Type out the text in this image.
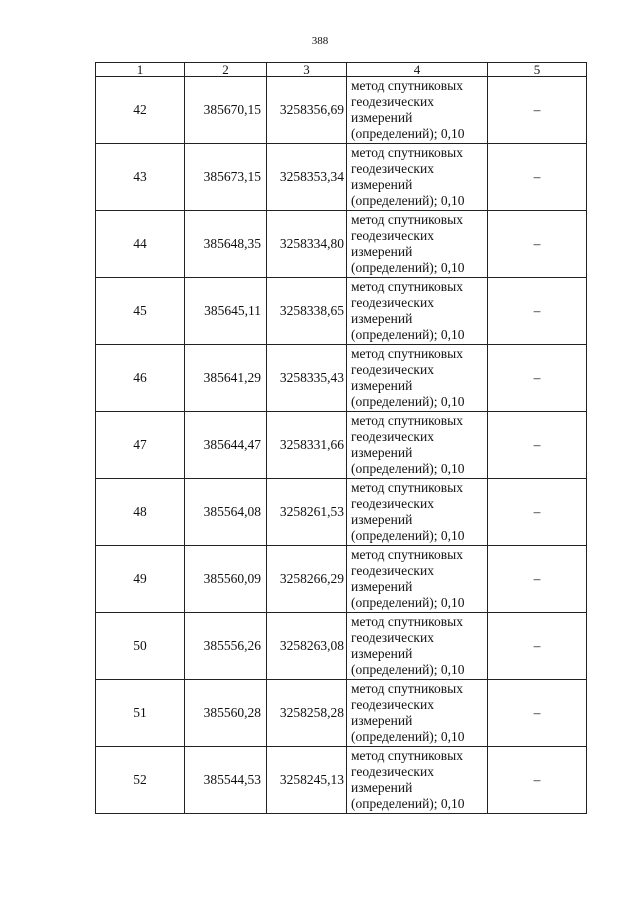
388
1	2	3	4	5
42	385670,15	3258356,69	метод спутниковых
геодезических
измерений
(определений); 0,10	–
43	385673,15	3258353,34	метод спутниковых
геодезических
измерений
(определений); 0,10	–
44	385648,35	3258334,80	метод спутниковых
геодезических
измерений
(определений); 0,10	–
45	385645,11	3258338,65	метод спутниковых
геодезических
измерений
(определений); 0,10	–
46	385641,29	3258335,43	метод спутниковых
геодезических
измерений
(определений); 0,10	–
47	385644,47	3258331,66	метод спутниковых
геодезических
измерений
(определений); 0,10	–
48	385564,08	3258261,53	метод спутниковых
геодезических
измерений
(определений); 0,10	–
49	385560,09	3258266,29	метод спутниковых
геодезических
измерений
(определений); 0,10	–
50	385556,26	3258263,08	метод спутниковых
геодезических
измерений
(определений); 0,10	–
51	385560,28	3258258,28	метод спутниковых
геодезических
измерений
(определений); 0,10	–
52	385544,53	3258245,13	метод спутниковых
геодезических
измерений
(определений); 0,10	–
